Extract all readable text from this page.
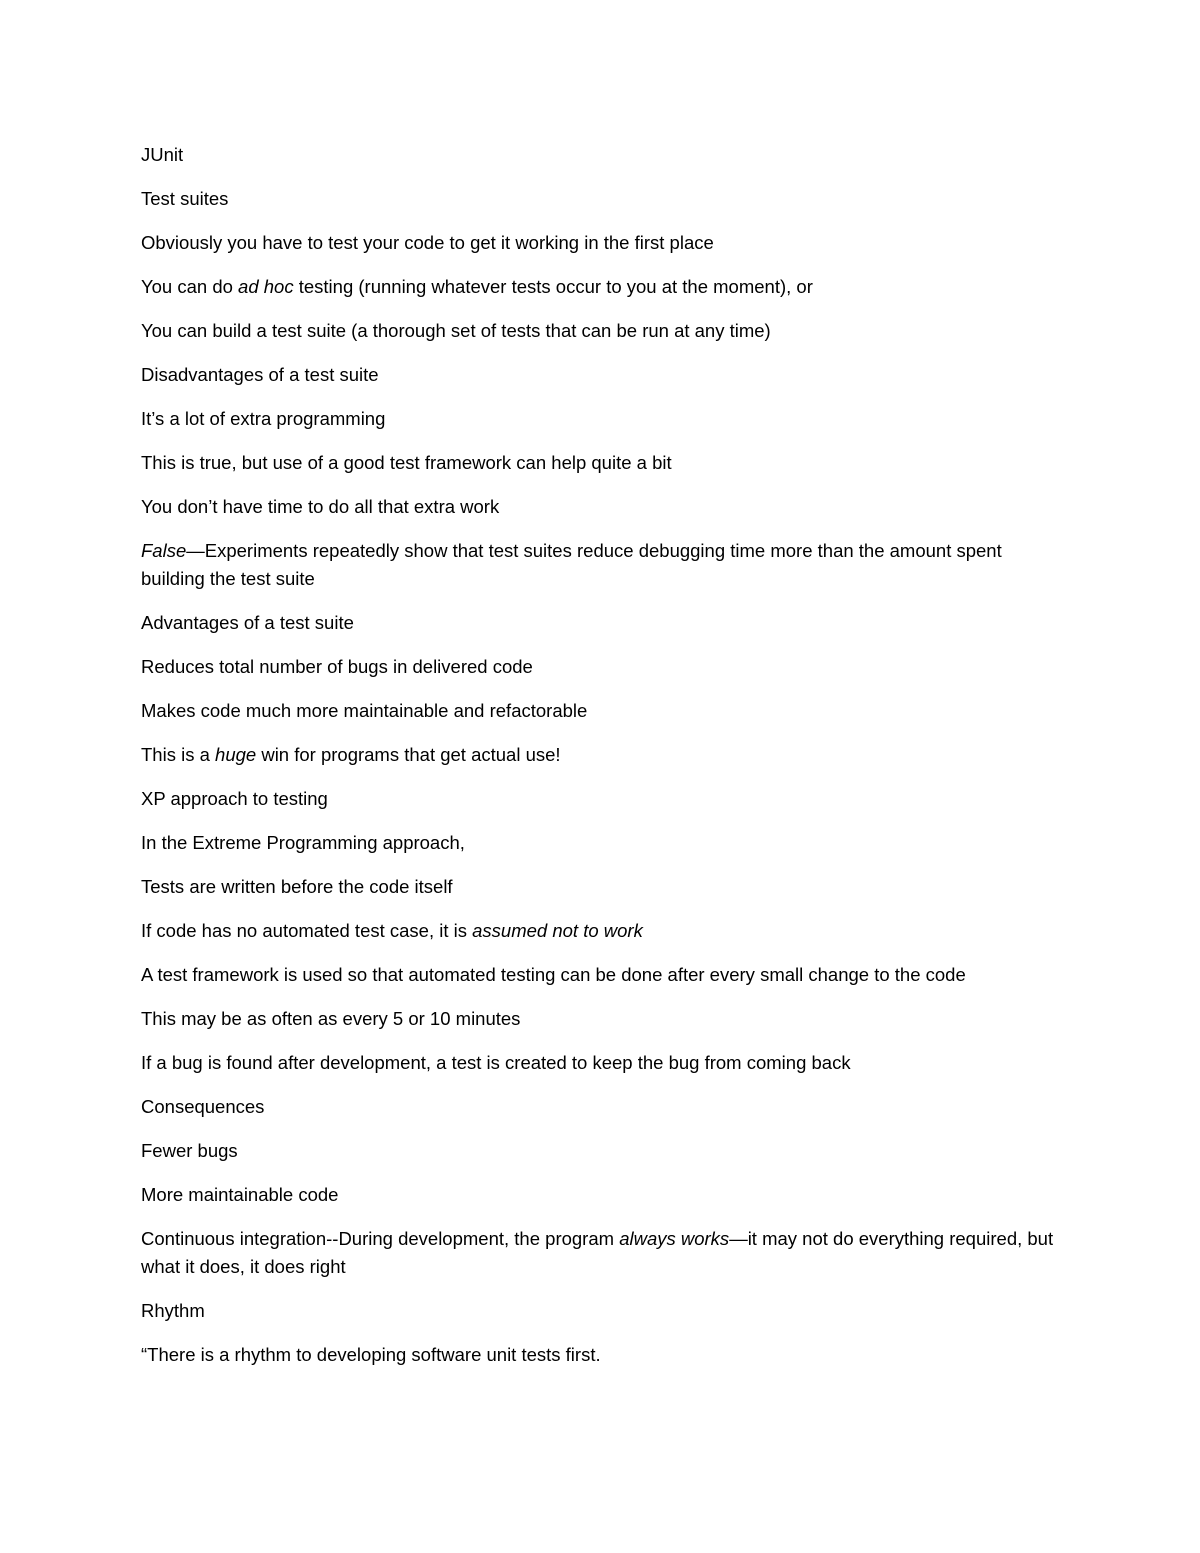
JUnit

Test suites

Obviously you have to test your code to get it working in the first place

You can do ad hoc testing (running whatever tests occur to you at the moment), or

You can build a test suite (a thorough set of tests that can be run at any time)

Disadvantages of a test suite

It’s a lot of extra programming

This is true, but use of a good test framework can help quite a bit

You don’t have time to do all that extra work

False—Experiments repeatedly show that test suites reduce debugging time more than the amount spent building the test suite

Advantages of a test suite

Reduces total number of bugs in delivered code

Makes code much more maintainable and refactorable

This is a huge win for programs that get actual use!

XP approach to testing

In the Extreme Programming approach,

Tests are written before the code itself

If code has no automated test case, it is assumed not to work

A test framework is used so that automated testing can be done after every small change to the code

This may be as often as every 5 or 10 minutes

If a bug is found after development, a test is created to keep the bug from coming back

Consequences

Fewer bugs

More maintainable code

Continuous integration--During development, the program always works—it may not do everything required, but what it does, it does right

Rhythm

“There is a rhythm to developing software unit tests first.
